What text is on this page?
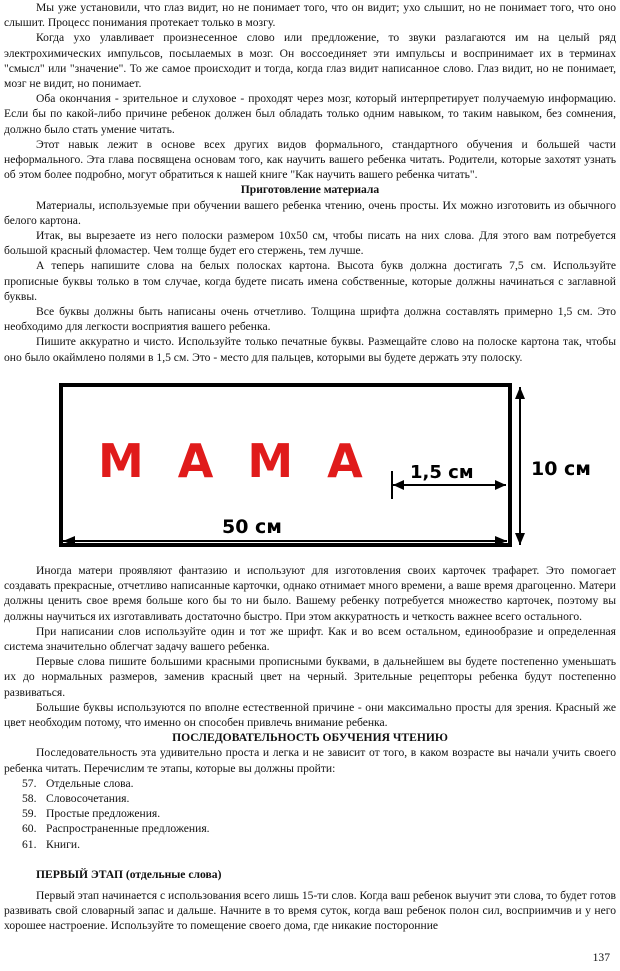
Мы уже установили, что глаз видит, но не понимает того, что он видит; ухо слышит, но не понимает того, что оно слышит. Процесс понимания протекает только в мозгу.

Когда ухо улавливает произнесенное слово или предложение, то звуки разлагаются им на целый ряд электрохимических импульсов, посылаемых в мозг. Он воссоединяет эти импульсы и воспринимает их в терминах "смысл" или "значение". То же самое происходит и тогда, когда глаз видит написанное слово. Глаз видит, но не понимает, мозг не видит, но понимает.

Оба окончания - зрительное и слуховое - проходят через мозг, который интерпретирует получаемую информацию. Если бы по какой-либо причине ребенок должен был обладать только одним навыком, то таким навыком, без сомнения, должно было стать умение читать.

Этот навык лежит в основе всех других видов формального, стандартного обучения и большей части неформального. Эта глава посвящена основам того, как научить вашего ребенка читать. Родители, которые захотят узнать об этом более подробно, могут обратиться к нашей книге "Как научить вашего ребенка читать".

Приготовление материала

Материалы, используемые при обучении вашего ребенка чтению, очень просты. Их можно изготовить из обычного белого картона.

Итак, вы вырезаете из него полоски размером 10х50 см, чтобы писать на них слова. Для этого вам потребуется большой красный фломастер. Чем толще будет его стержень, тем лучше.

А теперь напишите слова на белых полосках картона. Высота букв должна достигать 7,5 см. Используйте прописные буквы только в том случае, когда будете писать имена собственные, которые должны начинаться с заглавной буквы.

Все буквы должны быть написаны очень отчетливо. Толщина шрифта должна составлять примерно 1,5 см. Это необходимо для легкости восприятия вашего ребенка.

Пишите аккуратно и чисто. Используйте только печатные буквы. Размещайте слово на полоске картона так, чтобы оно было окаймлено полями в 1,5 см. Это - место для пальцев, которыми вы будете держать эту полоску.

МАМА 1,5 см
50 см
10 см

Иногда матери проявляют фантазию и используют для изготовления своих карточек трафарет. Это помогает создавать прекрасные, отчетливо написанные карточки, однако отнимает много времени, а ваше время драгоценно. Матери должны ценить свое время больше кого бы то ни было. Вашему ребенку потребуется множество карточек, поэтому вы должны научиться их изготавливать достаточно быстро. При этом аккуратность и четкость важнее всего остального.

При написании слов используйте один и тот же шрифт. Как и во всем остальном, единообразие и определенная система значительно облегчат задачу вашего ребенка.

Первые слова пишите большими красными прописными буквами, в дальнейшем вы будете постепенно уменьшать их до нормальных размеров, заменив красный цвет на черный. Зрительные рецепторы ребенка будут постепенно развиваться.

Большие буквы используются по вполне естественной причине - они максимально просты для зрения. Красный же цвет необходим потому, что именно он способен привлечь внимание ребенка.

ПОСЛЕДОВАТЕЛЬНОСТЬ ОБУЧЕНИЯ ЧТЕНИЮ

Последовательность эта удивительно проста и легка и не зависит от того, в каком возрасте вы начали учить своего ребенка читать. Перечислим те этапы, которые вы должны пройти:

57. Отдельные слова.
58. Словосочетания.
59. Простые предложения.
60. Распространенные предложения.
61. Книги.

ПЕРВЫЙ ЭТАП (отдельные слова)

Первый этап начинается с использования всего лишь 15-ти слов. Когда ваш ребенок выучит эти слова, то будет готов развивать свой словарный запас и дальше. Начните в то время суток, когда ваш ребенок полон сил, восприимчив и у него хорошее настроение. Используйте то помещение своего дома, где никакие посторонние

137
